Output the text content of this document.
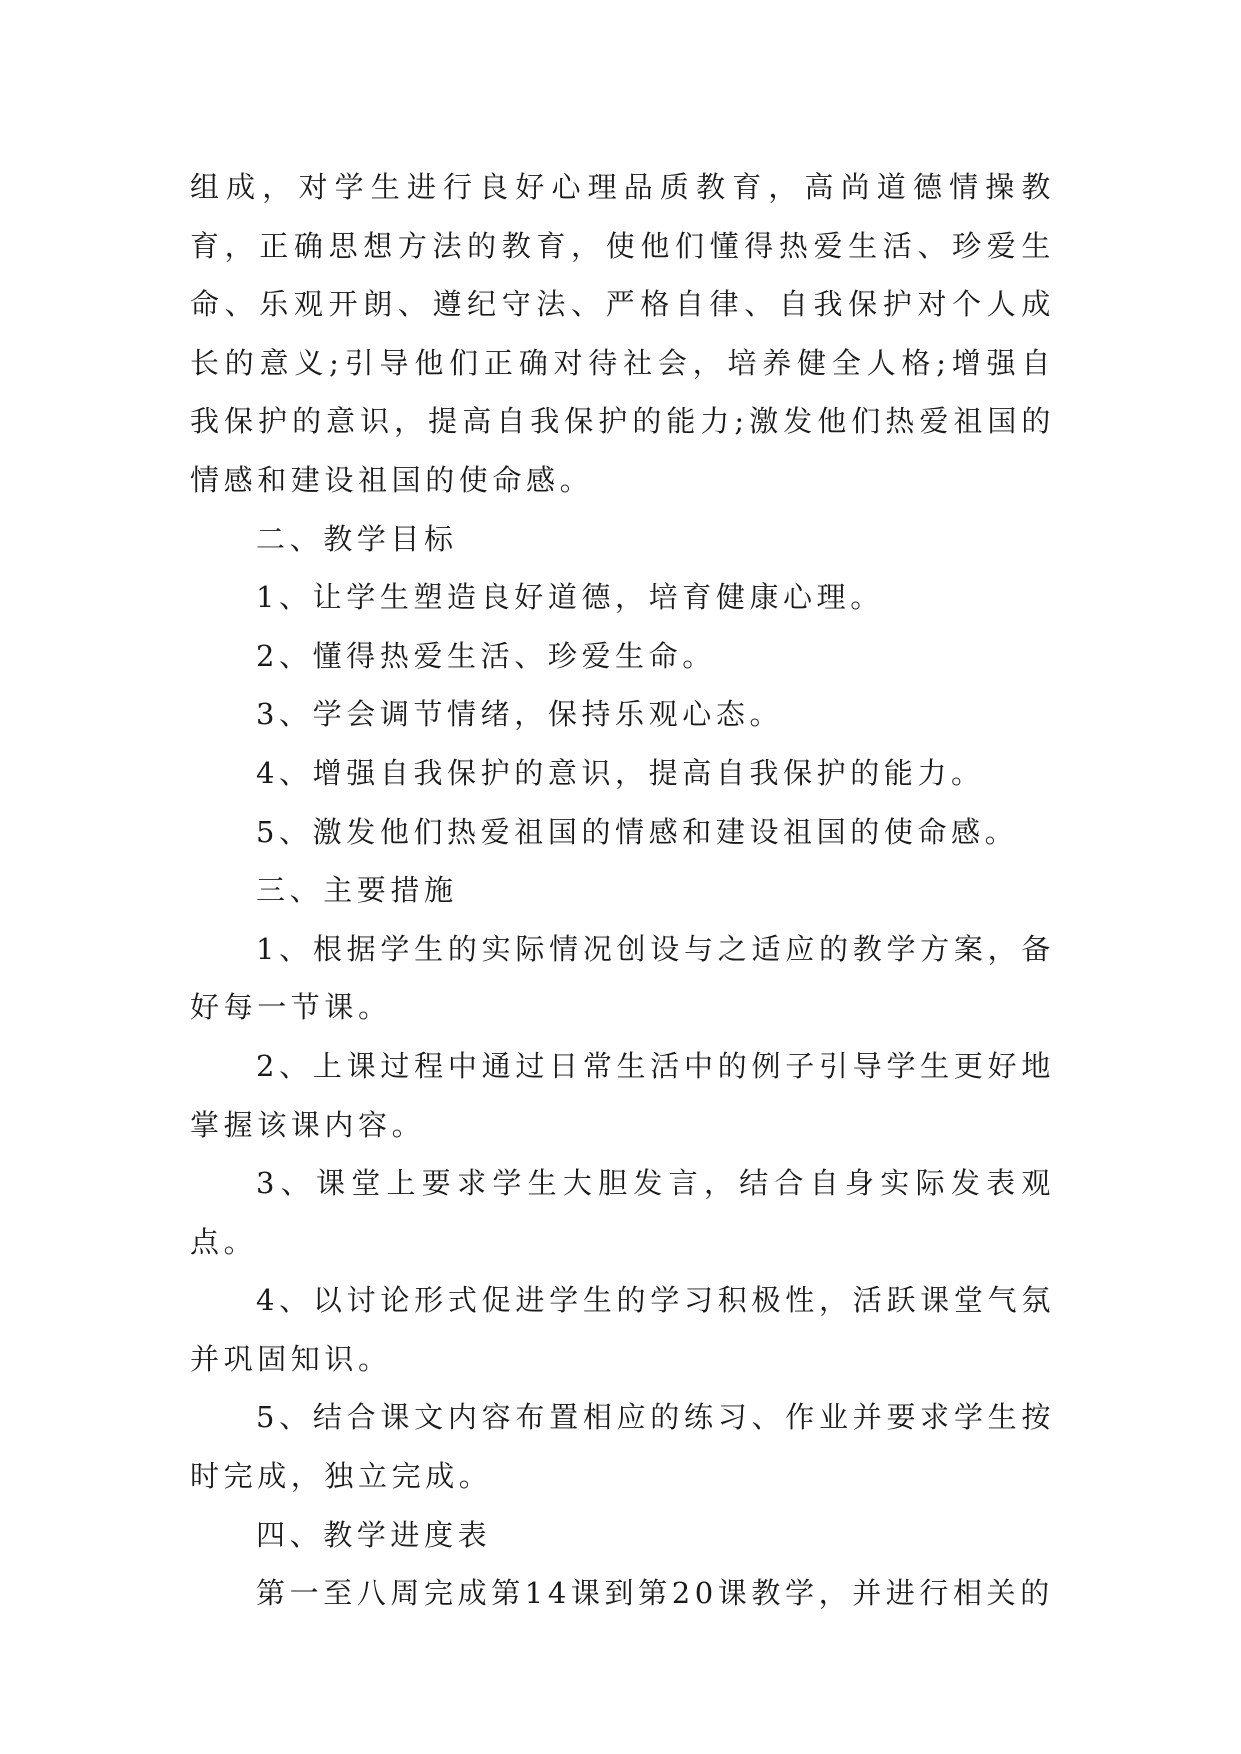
组成，对学生进行良好心理品质教育，高尚道德情操教育，正确思想方法的教育，使他们懂得热爱生活、珍爱生命、乐观开朗、遵纪守法、严格自律、自我保护对个人成长的意义;引导他们正确对待社会，培养健全人格;增强自我保护的意识，提高自我保护的能力;激发他们热爱祖国的情感和建设祖国的使命感。

二、教学目标

1、让学生塑造良好道德，培育健康心理。

2、懂得热爱生活、珍爱生命。

3、学会调节情绪，保持乐观心态。

4、增强自我保护的意识，提高自我保护的能力。

5、激发他们热爱祖国的情感和建设祖国的使命感。

三、主要措施

1、根据学生的实际情况创设与之适应的教学方案，备好每一节课。

2、上课过程中通过日常生活中的例子引导学生更好地掌握该课内容。

3、课堂上要求学生大胆发言，结合自身实际发表观点。

4、以讨论形式促进学生的学习积极性，活跃课堂气氛并巩固知识。

5、结合课文内容布置相应的练习、作业并要求学生按时完成，独立完成。

四、教学进度表

第一至八周完成第14课到第20课教学，并进行相关的
